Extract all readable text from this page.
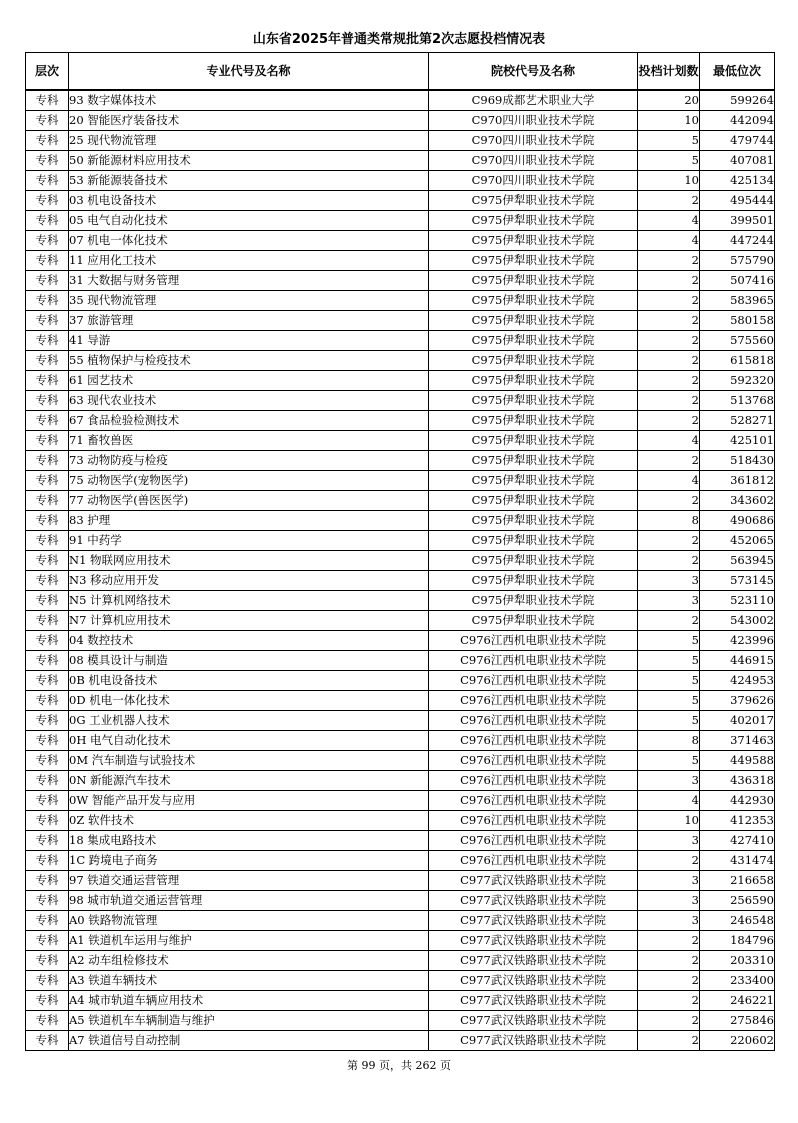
山东省2025年普通类常规批第2次志愿投档情况表
层次	专业代号及名称	院校代号及名称	投档计划数	最低位次
专科	93 数字媒体技术	C969成都艺术职业大学	20	599264
专科	20 智能医疗装备技术	C970四川职业技术学院	10	442094
专科	25 现代物流管理	C970四川职业技术学院	5	479744
专科	50 新能源材料应用技术	C970四川职业技术学院	5	407081
专科	53 新能源装备技术	C970四川职业技术学院	10	425134
专科	03 机电设备技术	C975伊犁职业技术学院	2	495444
专科	05 电气自动化技术	C975伊犁职业技术学院	4	399501
专科	07 机电一体化技术	C975伊犁职业技术学院	4	447244
专科	11 应用化工技术	C975伊犁职业技术学院	2	575790
专科	31 大数据与财务管理	C975伊犁职业技术学院	2	507416
专科	35 现代物流管理	C975伊犁职业技术学院	2	583965
专科	37 旅游管理	C975伊犁职业技术学院	2	580158
专科	41 导游	C975伊犁职业技术学院	2	575560
专科	55 植物保护与检疫技术	C975伊犁职业技术学院	2	615818
专科	61 园艺技术	C975伊犁职业技术学院	2	592320
专科	63 现代农业技术	C975伊犁职业技术学院	2	513768
专科	67 食品检验检测技术	C975伊犁职业技术学院	2	528271
专科	71 畜牧兽医	C975伊犁职业技术学院	4	425101
专科	73 动物防疫与检疫	C975伊犁职业技术学院	2	518430
专科	75 动物医学(宠物医学)	C975伊犁职业技术学院	4	361812
专科	77 动物医学(兽医医学)	C975伊犁职业技术学院	2	343602
专科	83 护理	C975伊犁职业技术学院	8	490686
专科	91 中药学	C975伊犁职业技术学院	2	452065
专科	N1 物联网应用技术	C975伊犁职业技术学院	2	563945
专科	N3 移动应用开发	C975伊犁职业技术学院	3	573145
专科	N5 计算机网络技术	C975伊犁职业技术学院	3	523110
专科	N7 计算机应用技术	C975伊犁职业技术学院	2	543002
专科	04 数控技术	C976江西机电职业技术学院	5	423996
专科	08 模具设计与制造	C976江西机电职业技术学院	5	446915
专科	0B 机电设备技术	C976江西机电职业技术学院	5	424953
专科	0D 机电一体化技术	C976江西机电职业技术学院	5	379626
专科	0G 工业机器人技术	C976江西机电职业技术学院	5	402017
专科	0H 电气自动化技术	C976江西机电职业技术学院	8	371463
专科	0M 汽车制造与试验技术	C976江西机电职业技术学院	5	449588
专科	0N 新能源汽车技术	C976江西机电职业技术学院	3	436318
专科	0W 智能产品开发与应用	C976江西机电职业技术学院	4	442930
专科	0Z 软件技术	C976江西机电职业技术学院	10	412353
专科	18 集成电路技术	C976江西机电职业技术学院	3	427410
专科	1C 跨境电子商务	C976江西机电职业技术学院	2	431474
专科	97 铁道交通运营管理	C977武汉铁路职业技术学院	3	216658
专科	98 城市轨道交通运营管理	C977武汉铁路职业技术学院	3	256590
专科	A0 铁路物流管理	C977武汉铁路职业技术学院	3	246548
专科	A1 铁道机车运用与维护	C977武汉铁路职业技术学院	2	184796
专科	A2 动车组检修技术	C977武汉铁路职业技术学院	2	203310
专科	A3 铁道车辆技术	C977武汉铁路职业技术学院	2	233400
专科	A4 城市轨道车辆应用技术	C977武汉铁路职业技术学院	2	246221
专科	A5 铁道机车车辆制造与维护	C977武汉铁路职业技术学院	2	275846
专科	A7 铁道信号自动控制	C977武汉铁路职业技术学院	2	220602
第 99 页，共 262 页
